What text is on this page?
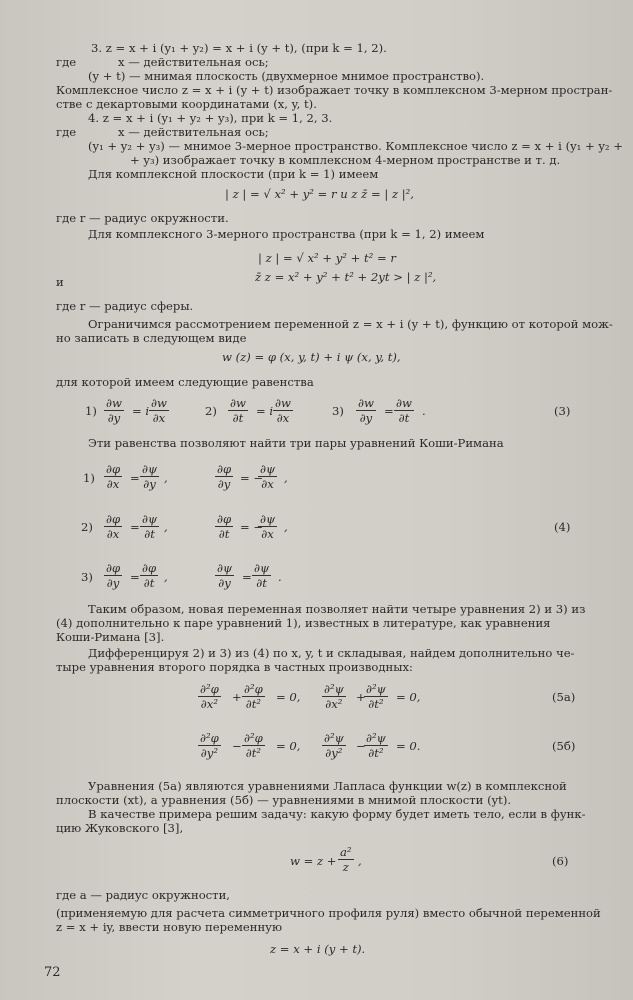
3. z = x + i (y₁ + y₂) = x + i (y + t), (при k = 1, 2).
где	x — действительная ось;
(y + t) — мнимая плоскость (двухмерное мнимое пространство).
Комплексное число z = x + i (y + t) изображает точку в комплексном 3-мерном простран-
стве с декартовыми координатами (x, y, t).
4. z = x + i (y₁ + y₂ + y₃), при k = 1, 2, 3.
где	x — действительная ось;
(y₁ + y₂ + y₃) — мнимое 3-мерное пространство. Комплексное число z = x + i (y₁ + y₂ +
+ y₃) изображает точку в комплексном 4-мерном пространстве и т. д.
Для комплексной плоскости (при k = 1) имеем
| z | = √ x² + y² = r и z z̄ = | z |²,
где r — радиус окружности.
Для комплексного 3-мерного пространства (при k = 1, 2) имеем
| z | = √ x² + y² + t² = r
и	z̄ z = x² + y² + t² + 2yt > | z |²,
где r — радиус сферы.
Ограничимся рассмотрением переменной z = x + i (y + t), функцию от которой мож-
но записать в следующем виде
w (z) = φ (x, y, t) + i ψ (x, y, t),
для которой имеем следующие равенства
$1) \frac{\partial w}{\partial y} = i \frac{\partial w}{\partial x}$	$2) \frac{\partial w}{\partial t} = i \frac{\partial w}{\partial x}$	$3) \frac{\partial w}{\partial y} = \frac{\partial w}{\partial t}$ .	(3)
Эти равенства позволяют найти три пары уравнений Коши-Римана
$1) \frac{\partial\varphi}{\partial x} = \frac{\partial\psi}{\partial y}$ ,	$\frac{\partial\varphi}{\partial y}$ = −
$\frac{\partial\psi}{\partial x}$ ,
$2) \frac{\partial\varphi}{\partial x} = \frac{\partial\psi}{\partial t}$ ,	$\frac{\partial\varphi}{\partial t}$ = −
$\frac{\partial\psi}{\partial x}$ ,	(4)
$3) \frac{\partial\varphi}{\partial y} = \frac{\partial\varphi}{\partial t}$ ,	$\frac{\partial\psi}{\partial y} = \frac{\partial\psi}{\partial t}$ .
Таким образом, новая переменная позволяет найти четыре уравнения 2) и 3) из
(4) дополнительно к паре уравнений 1), известных в литературе, как уравнения
Коши-Римана [3].
Дифференцируя 2) и 3) из (4) по x, y, t и складывая, найдем дополнительно че-
тыре уравнения второго порядка в частных производных:
$\frac{\text{∂²φ}}{\text{∂x²}} + \frac{\text{∂²φ}}{\text{∂t²}} = 0$, $\frac{\text{∂²ψ}}{\text{∂x²}}$ +
$\frac{\text{∂²ψ}}{\text{∂t²}} = 0$,	(5а)
$\frac{\text{∂²φ}}{\text{∂y²}} - \frac{\text{∂²φ}}{\text{∂t²}} = 0$, $\frac{\text{∂²ψ}}{\text{∂y²}}$ −
$\frac{\text{∂²ψ}}{\text{∂t²}} = 0$.	(5б)
Уравнения (5а) являются уравнениями Лапласа функции w(z) в комплексной
плоскости (xt), а уравнения (5б) — уравнениями в мнимой плоскости (yt).
В качестве примера решим задачу: какую форму будет иметь тело, если в функ-
цию Жуковского [3],
$w = z + \frac{\text{a²}}{z}$ ,	(6)
где a — радиус окружности,
(применяемую для расчета симметричного профиля руля) вместо обычной переменной
z = x + iy, ввести новую переменную
z = x + i (y + t).
72
